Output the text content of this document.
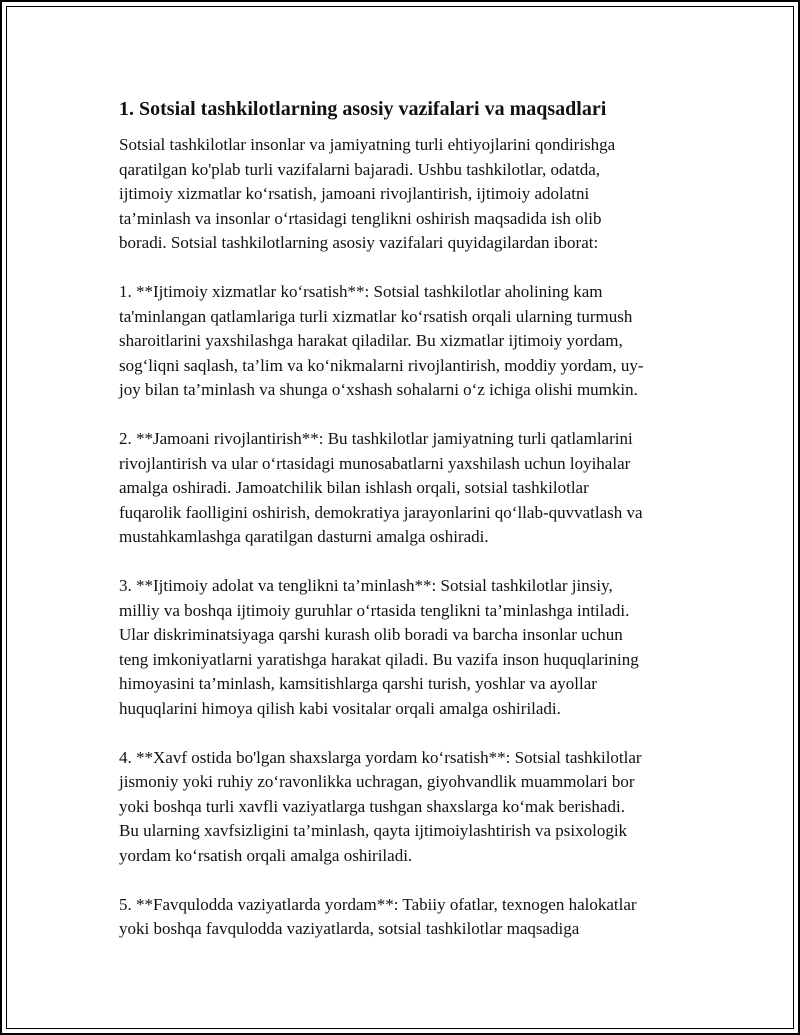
1. Sotsial tashkilotlarning asosiy vazifalari va maqsadlari

Sotsial tashkilotlar insonlar va jamiyatning turli ehtiyojlarini qondirishga
qaratilgan ko'plab turli vazifalarni bajaradi. Ushbu tashkilotlar, odatda,
ijtimoiy xizmatlar koʻrsatish, jamoani rivojlantirish, ijtimoiy adolatni
ta’minlash va insonlar oʻrtasidagi tenglikni oshirish maqsadida ish olib
boradi. Sotsial tashkilotlarning asosiy vazifalari quyidagilardan iborat:

1. **Ijtimoiy xizmatlar koʻrsatish**: Sotsial tashkilotlar aholining kam
ta'minlangan qatlamlariga turli xizmatlar koʻrsatish orqali ularning turmush
sharoitlarini yaxshilashga harakat qiladilar. Bu xizmatlar ijtimoiy yordam,
sogʻliqni saqlash, ta’lim va koʻnikmalarni rivojlantirish, moddiy yordam, uy-
joy bilan ta’minlash va shunga oʻxshash sohalarni oʻz ichiga olishi mumkin.

2. **Jamoani rivojlantirish**: Bu tashkilotlar jamiyatning turli qatlamlarini
rivojlantirish va ular oʻrtasidagi munosabatlarni yaxshilash uchun loyihalar
amalga oshiradi. Jamoatchilik bilan ishlash orqali, sotsial tashkilotlar
fuqarolik faolligini oshirish, demokratiya jarayonlarini qoʻllab-quvvatlash va
mustahkamlashga qaratilgan dasturni amalga oshiradi.

3. **Ijtimoiy adolat va tenglikni ta’minlash**: Sotsial tashkilotlar jinsiy,
milliy va boshqa ijtimoiy guruhlar oʻrtasida tenglikni ta’minlashga intiladi.
Ular diskriminatsiyaga qarshi kurash olib boradi va barcha insonlar uchun
teng imkoniyatlarni yaratishga harakat qiladi. Bu vazifa inson huquqlarining
himoyasini ta’minlash, kamsitishlarga qarshi turish, yoshlar va ayollar
huquqlarini himoya qilish kabi vositalar orqali amalga oshiriladi.

4. **Xavf ostida bo'lgan shaxslarga yordam koʻrsatish**: Sotsial tashkilotlar
jismoniy yoki ruhiy zoʻravonlikka uchragan, giyohvandlik muammolari bor
yoki boshqa turli xavfli vaziyatlarga tushgan shaxslarga koʻmak berishadi.
Bu ularning xavfsizligini ta’minlash, qayta ijtimoiylashtirish va psixologik
yordam koʻrsatish orqali amalga oshiriladi.

5. **Favqulodda vaziyatlarda yordam**: Tabiiy ofatlar, texnogen halokatlar
yoki boshqa favqulodda vaziyatlarda, sotsial tashkilotlar maqsadiga
